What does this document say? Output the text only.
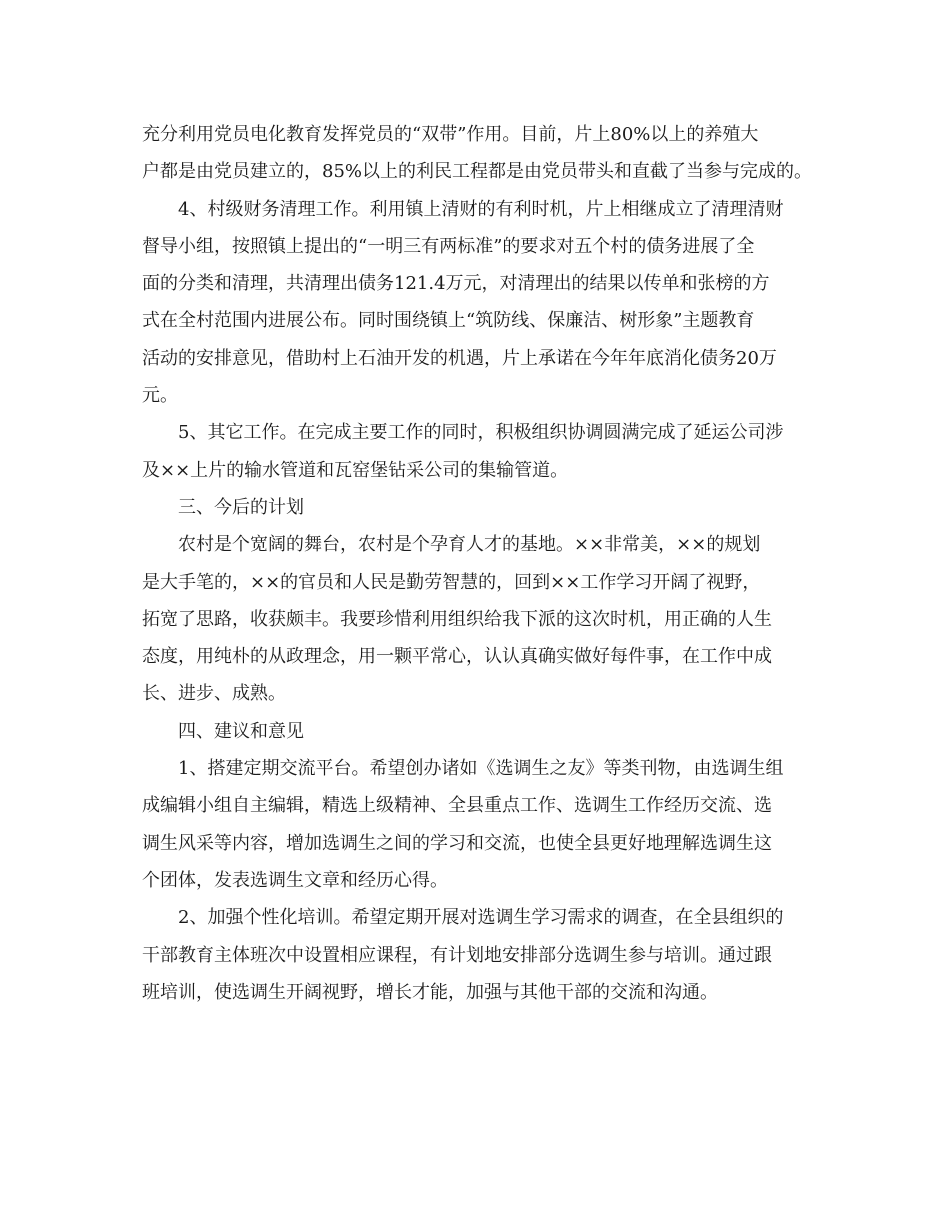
充分利用党员电化教育发挥党员的“双带”作用。目前，片上80%以上的养殖大
户都是由党员建立的，85%以上的利民工程都是由党员带头和直截了当参与完成的。
4、村级财务清理工作。利用镇上清财的有利时机，片上相继成立了清理清财
督导小组，按照镇上提出的“一明三有两标准”的要求对五个村的债务进展了全
面的分类和清理，共清理出债务121.4万元，对清理出的结果以传单和张榜的方
式在全村范围内进展公布。同时围绕镇上“筑防线、保廉洁、树形象”主题教育
活动的安排意见，借助村上石油开发的机遇，片上承诺在今年年底消化债务20万
元。
5、其它工作。在完成主要工作的同时，积极组织协调圆满完成了延运公司涉
及××上片的输水管道和瓦窑堡钻采公司的集输管道。
三、今后的计划
农村是个宽阔的舞台，农村是个孕育人才的基地。××非常美，××的规划
是大手笔的，××的官员和人民是勤劳智慧的，回到××工作学习开阔了视野，
拓宽了思路，收获颇丰。我要珍惜利用组织给我下派的这次时机，用正确的人生
态度，用纯朴的从政理念，用一颗平常心，认认真确实做好每件事，在工作中成
长、进步、成熟。
四、建议和意见
1、搭建定期交流平台。希望创办诸如《选调生之友》等类刊物，由选调生组
成编辑小组自主编辑，精选上级精神、全县重点工作、选调生工作经历交流、选
调生风采等内容，增加选调生之间的学习和交流，也使全县更好地理解选调生这
个团体，发表选调生文章和经历心得。
2、加强个性化培训。希望定期开展对选调生学习需求的调查，在全县组织的
干部教育主体班次中设置相应课程，有计划地安排部分选调生参与培训。通过跟
班培训，使选调生开阔视野，增长才能，加强与其他干部的交流和沟通。
